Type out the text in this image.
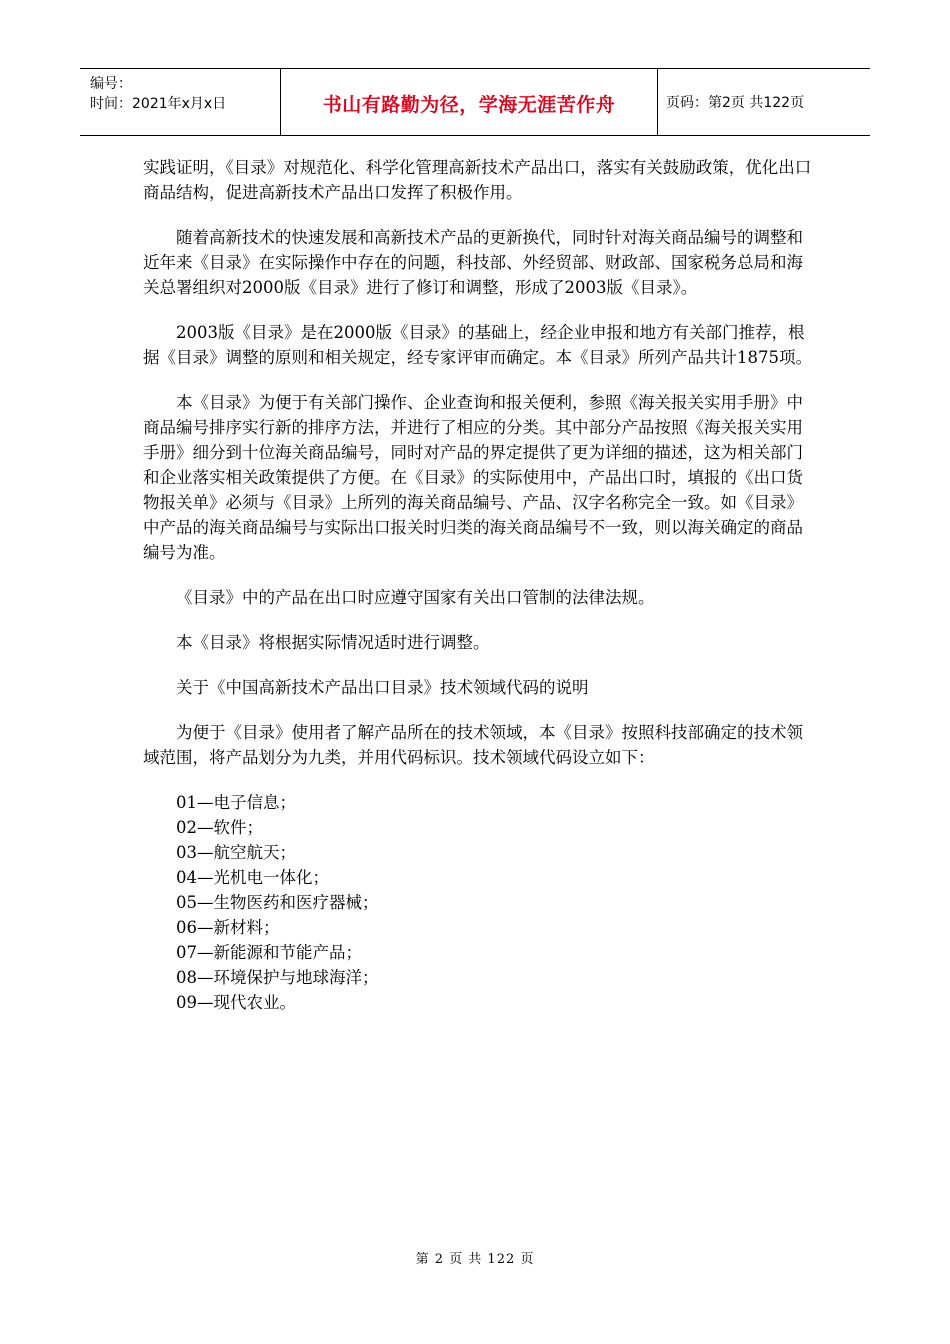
编号：
时间：2021年x月x日	书山有路勤为径，学海无涯苦作舟	页码：第2页 共122页

实践证明，《目录》对规范化、科学化管理高新技术产品出口，落实有关鼓励政策，优化出口商品结构，促进高新技术产品出口发挥了积极作用。

随着高新技术的快速发展和高新技术产品的更新换代，同时针对海关商品编号的调整和近年来《目录》在实际操作中存在的问题，科技部、外经贸部、财政部、国家税务总局和海关总署组织对2000版《目录》进行了修订和调整，形成了2003版《目录》。

2003版《目录》是在2000版《目录》的基础上，经企业申报和地方有关部门推荐，根据《目录》调整的原则和相关规定，经专家评审而确定。本《目录》所列产品共计1875项。

本《目录》为便于有关部门操作、企业查询和报关便利，参照《海关报关实用手册》中商品编号排序实行新的排序方法，并进行了相应的分类。其中部分产品按照《海关报关实用手册》细分到十位海关商品编号，同时对产品的界定提供了更为详细的描述，这为相关部门和企业落实相关政策提供了方便。在《目录》的实际使用中，产品出口时，填报的《出口货物报关单》必须与《目录》上所列的海关商品编号、产品、汉字名称完全一致。如《目录》中产品的海关商品编号与实际出口报关时归类的海关商品编号不一致，则以海关确定的商品编号为准。

《目录》中的产品在出口时应遵守国家有关出口管制的法律法规。

本《目录》将根据实际情况适时进行调整。

关于《中国高新技术产品出口目录》技术领域代码的说明

为便于《目录》使用者了解产品所在的技术领域，本《目录》按照科技部确定的技术领域范围，将产品划分为九类，并用代码标识。技术领域代码设立如下：

01—电子信息；
02—软件；
03—航空航天；
04—光机电一体化；
05—生物医药和医疗器械；
06—新材料；
07—新能源和节能产品；
08—环境保护与地球海洋；
09—现代农业。
第 2 页 共 122 页
